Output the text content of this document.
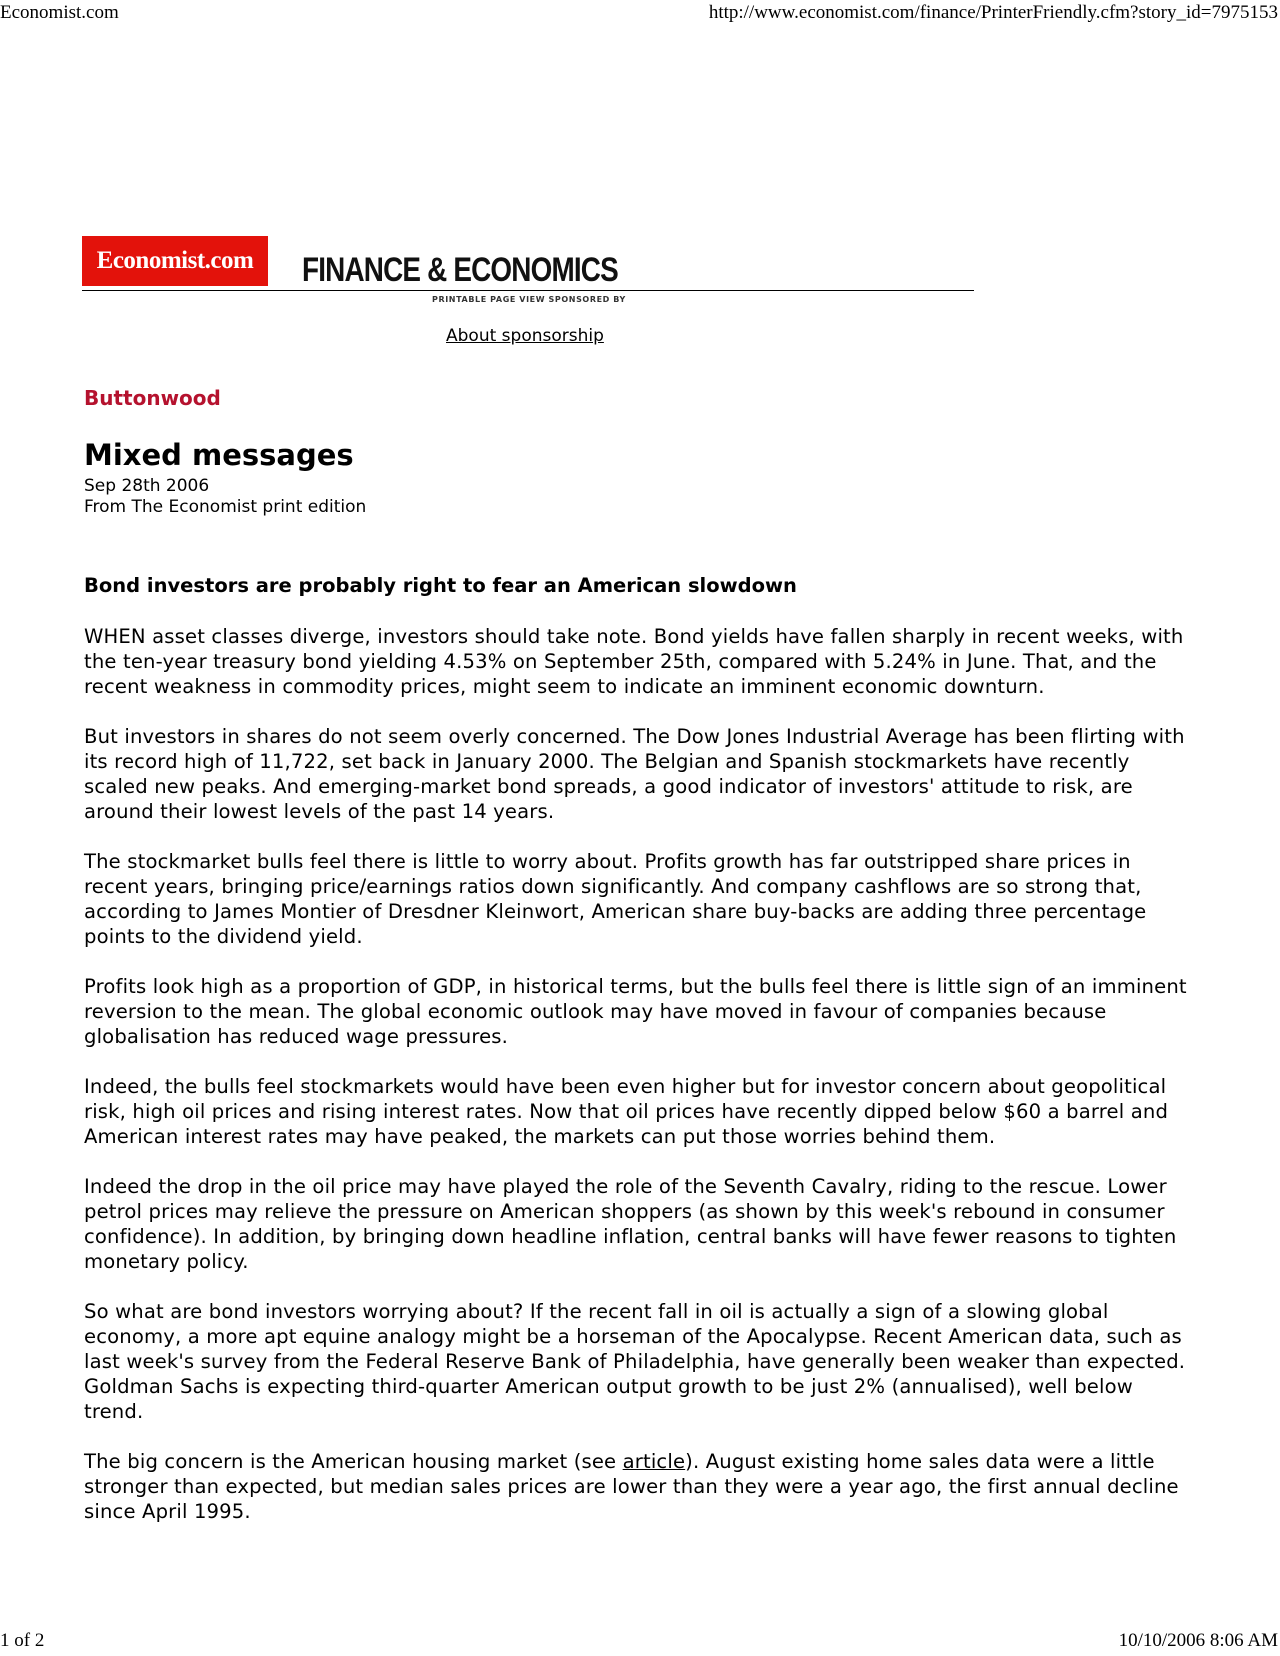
Economist.com	http://www.economist.com/finance/PrinterFriendly.cfm?story_id=7975153
Economist.com	FINANCE & ECONOMICS
PRINTABLE PAGE VIEW SPONSORED BY
About sponsorship
Buttonwood
Mixed messages
Sep 28th 2006
From The Economist print edition
Bond investors are probably right to fear an American slowdown

WHEN asset classes diverge, investors should take note. Bond yields have fallen sharply in recent weeks, with the ten-year treasury bond yielding 4.53% on September 25th, compared with 5.24% in June. That, and the recent weakness in commodity prices, might seem to indicate an imminent economic downturn.

But investors in shares do not seem overly concerned. The Dow Jones Industrial Average has been flirting with its record high of 11,722, set back in January 2000. The Belgian and Spanish stockmarkets have recently scaled new peaks. And emerging-market bond spreads, a good indicator of investors' attitude to risk, are around their lowest levels of the past 14 years.

The stockmarket bulls feel there is little to worry about. Profits growth has far outstripped share prices in recent years, bringing price/earnings ratios down significantly. And company cashflows are so strong that, according to James Montier of Dresdner Kleinwort, American share buy-backs are adding three percentage points to the dividend yield.

Profits look high as a proportion of GDP, in historical terms, but the bulls feel there is little sign of an imminent reversion to the mean. The global economic outlook may have moved in favour of companies because globalisation has reduced wage pressures.

Indeed, the bulls feel stockmarkets would have been even higher but for investor concern about geopolitical risk, high oil prices and rising interest rates. Now that oil prices have recently dipped below $60 a barrel and American interest rates may have peaked, the markets can put those worries behind them.

Indeed the drop in the oil price may have played the role of the Seventh Cavalry, riding to the rescue. Lower petrol prices may relieve the pressure on American shoppers (as shown by this week's rebound in consumer confidence). In addition, by bringing down headline inflation, central banks will have fewer reasons to tighten monetary policy.

So what are bond investors worrying about? If the recent fall in oil is actually a sign of a slowing global economy, a more apt equine analogy might be a horseman of the Apocalypse. Recent American data, such as last week's survey from the Federal Reserve Bank of Philadelphia, have generally been weaker than expected. Goldman Sachs is expecting third-quarter American output growth to be just 2% (annualised), well below trend.

The big concern is the American housing market (see article). August existing home sales data were a little stronger than expected, but median sales prices are lower than they were a year ago, the first annual decline since April 1995.

1 of 2	10/10/2006 8:06 AM
